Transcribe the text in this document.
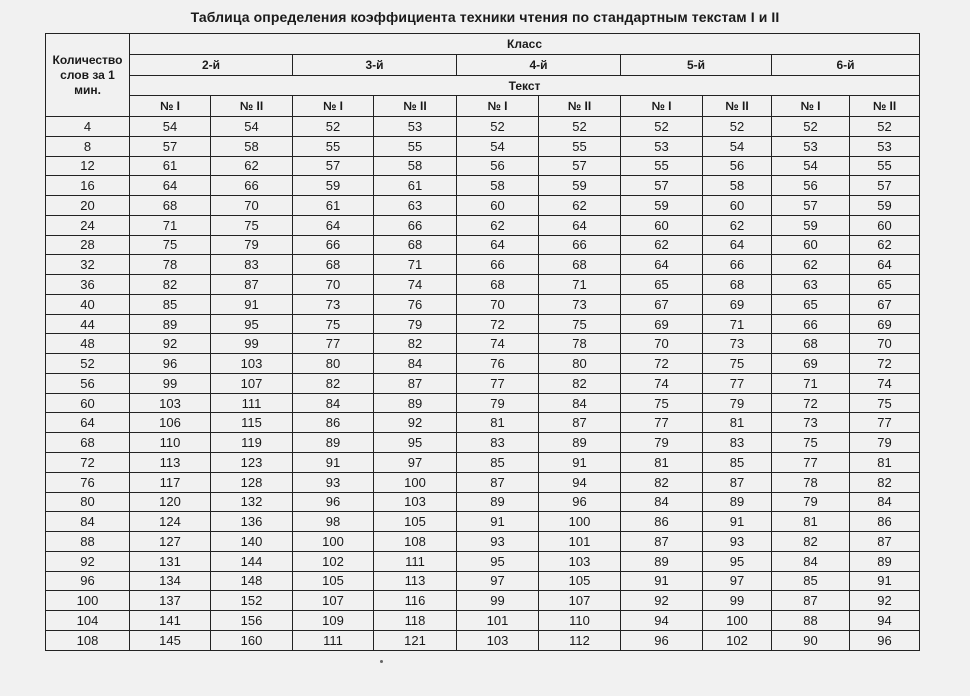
Таблица определения коэффициента техники чтения по стандартным текстам I и II
Количество слов за 1 мин.	Класс									
	2-й		3-й		4-й		5-й		6-й	
	Текст									
	№ I	№ II	№ I	№ II	№ I	№ II	№ I	№ II	№ I	№ II
4	54	54	52	53	52	52	52	52	52	52
8	57	58	55	55	54	55	53	54	53	53
12	61	62	57	58	56	57	55	56	54	55
16	64	66	59	61	58	59	57	58	56	57
20	68	70	61	63	60	62	59	60	57	59
24	71	75	64	66	62	64	60	62	59	60
28	75	79	66	68	64	66	62	64	60	62
32	78	83	68	71	66	68	64	66	62	64
36	82	87	70	74	68	71	65	68	63	65
40	85	91	73	76	70	73	67	69	65	67
44	89	95	75	79	72	75	69	71	66	69
48	92	99	77	82	74	78	70	73	68	70
52	96	103	80	84	76	80	72	75	69	72
56	99	107	82	87	77	82	74	77	71	74
60	103	111	84	89	79	84	75	79	72	75
64	106	115	86	92	81	87	77	81	73	77
68	110	119	89	95	83	89	79	83	75	79
72	113	123	91	97	85	91	81	85	77	81
76	117	128	93	100	87	94	82	87	78	82
80	120	132	96	103	89	96	84	89	79	84
84	124	136	98	105	91	100	86	91	81	86
88	127	140	100	108	93	101	87	93	82	87
92	131	144	102	111	95	103	89	95	84	89
96	134	148	105	113	97	105	91	97	85	91
100	137	152	107	116	99	107	92	99	87	92
104	141	156	109	118	101	110	94	100	88	94
108	145	160	111	121	103	112	96	102	90	96
